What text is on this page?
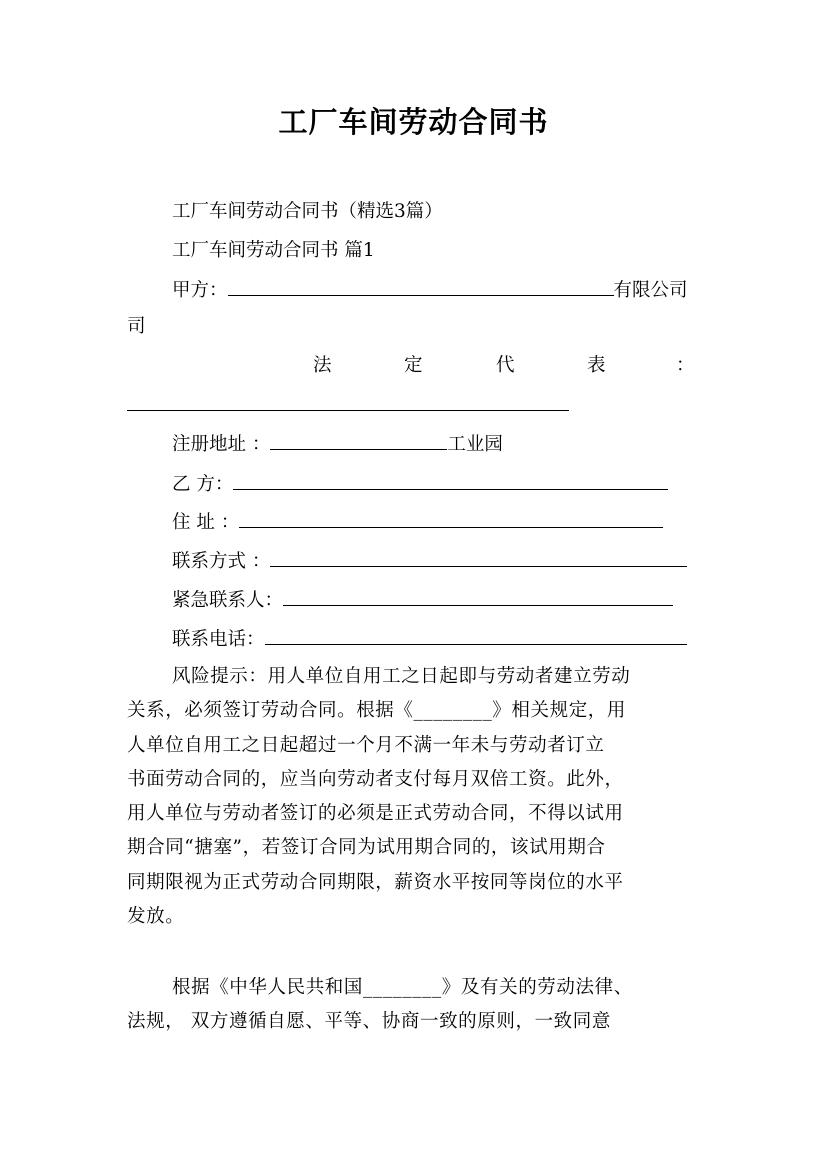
工厂车间劳动合同书
工厂车间劳动合同书（精选3篇）
工厂车间劳动合同书 篇1
甲方：	有限公司
司
法	定	代	表	：
注册地址 ：	工业园
乙 方：
住 址 ：
联系方式 ：
紧急联系人：
联系电话：
风险提示：用人单位自用工之日起即与劳动者建立劳动
关系，必须签订劳动合同。根据《________》相关规定，用
人单位自用工之日起超过一个月不满一年未与劳动者订立
书面劳动合同的，应当向劳动者支付每月双倍工资。此外，
用人单位与劳动者签订的必须是正式劳动合同，不得以试用
期合同“搪塞”，若签订合同为试用期合同的，该试用期合
同期限视为正式劳动合同期限，薪资水平按同等岗位的水平
发放。
根据《中华人民共和国________》及有关的劳动法律、
法规， 双方遵循自愿、平等、协商一致的原则，一致同意
